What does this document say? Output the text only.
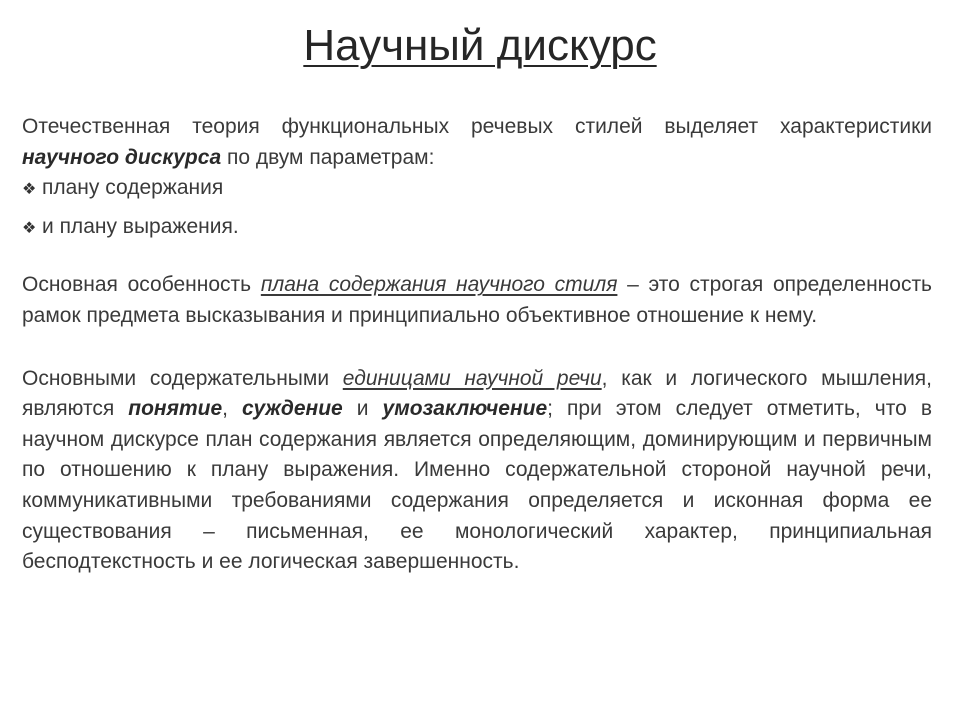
Научный дискурс

Отечественная теория функциональных речевых стилей выделяет характеристики научного дискурса по двум параметрам:

❖ плану содержания
❖ и плану выражения.

Основная особенность плана содержания научного стиля – это строгая определенность рамок предмета высказывания и принципиально объективное отношение к нему.

Основными содержательными единицами научной речи, как и логического мышления, являются понятие, суждение и умозаключение; при этом следует отметить, что в научном дискурсе план содержания является определяющим, доминирующим и первичным по отношению к плану выражения. Именно содержательной стороной научной речи, коммуникативными требованиями содержания определяется и исконная форма ее существования – письменная, ее монологический характер, принципиальная бесподтекстность и ее логическая завершенность.
